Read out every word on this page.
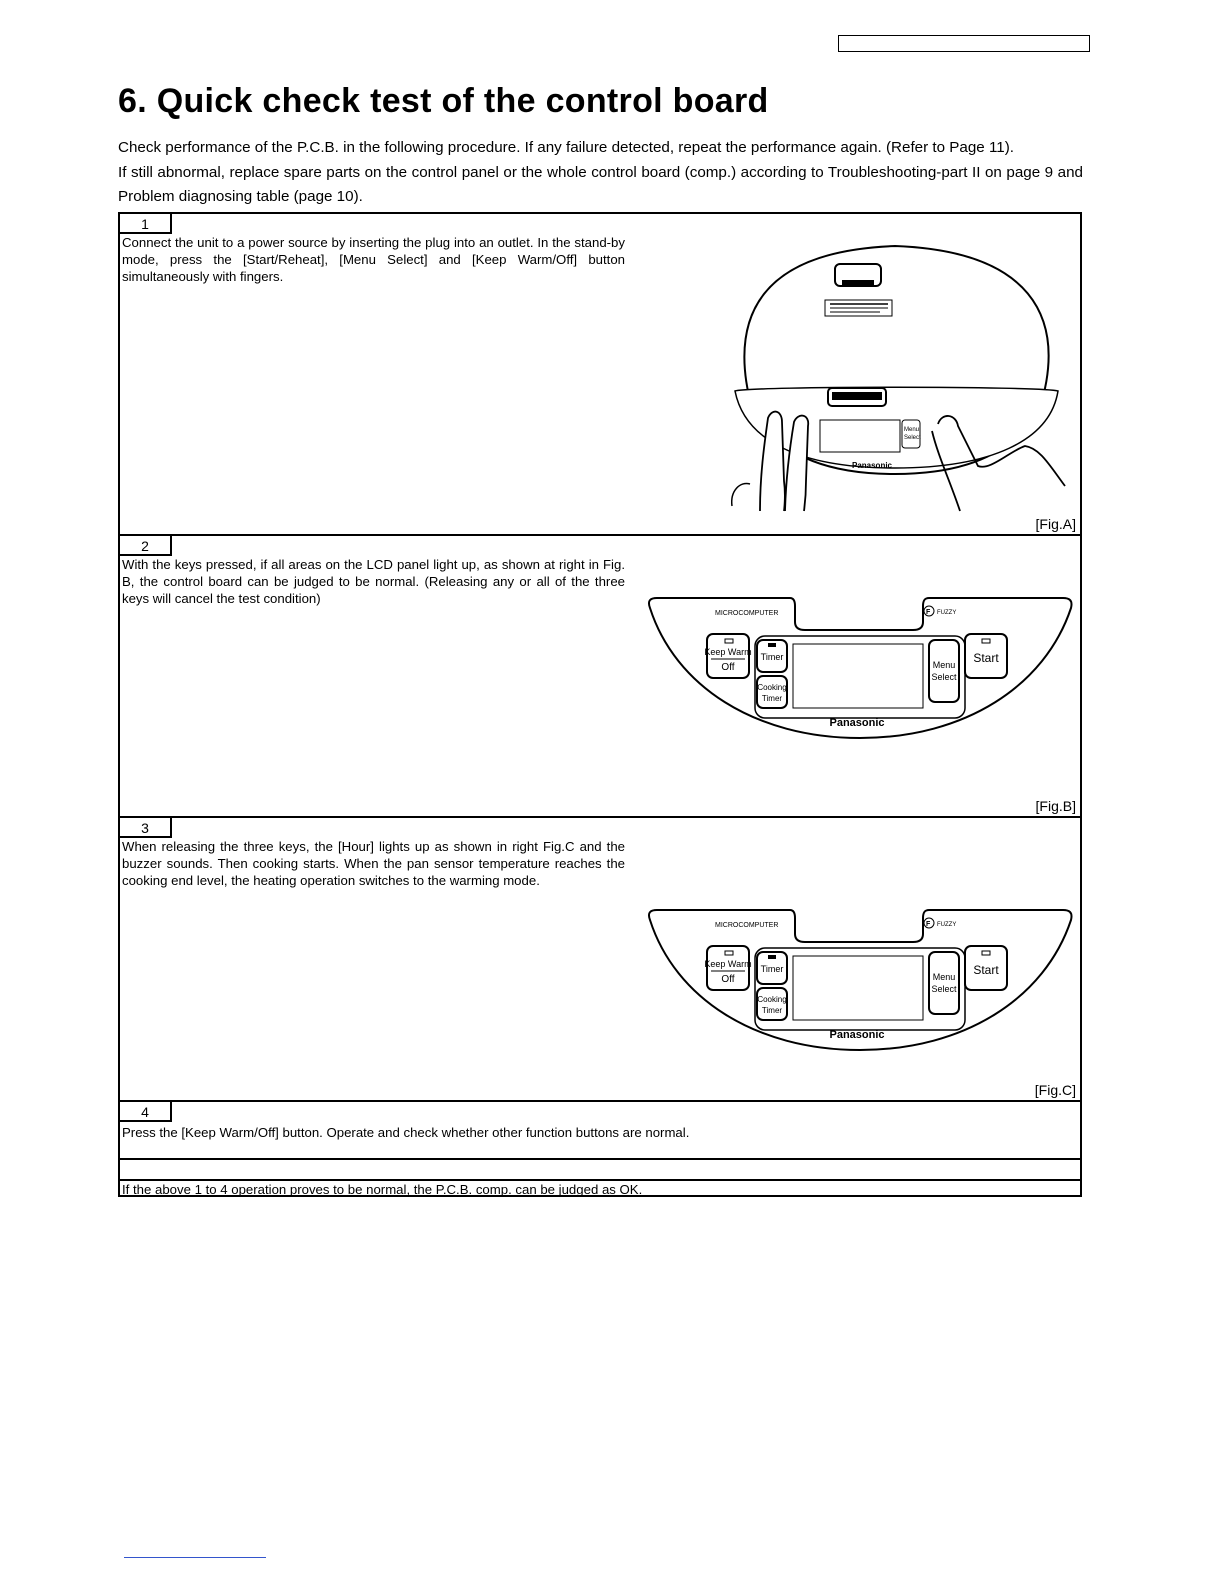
6. Quick check test of the control board

Check performance of the P.C.B. in the following procedure. If any failure detected, repeat the performance again. (Refer to Page 11).

If still abnormal, replace spare parts on the control panel or the whole control board (comp.) according to Troubleshooting-part II on page 9 and Problem diagnosing table (page 10).

1
Connect the unit to a power source by inserting the plug into an outlet. In the stand-by mode, press the [Start/Reheat], [Menu Select] and [Keep Warm/Off] button simultaneously with fingers.
Menu
Select
Panasonic
[Fig.A]
2
With the keys pressed, if all areas on the LCD panel light up, as shown at right in Fig. B, the control board can be judged to be normal. (Releasing any or all of the three keys will cancel the test condition)
MICROCOMPUTER	F FUZZY
Keep Warm
Off
Timer
Cooking
Timer
Menu
Select
Start
Panasonic
[Fig.B]
3
When releasing the three keys, the [Hour] lights up as shown in right Fig.C and the buzzer sounds. Then cooking starts. When the pan sensor temperature reaches the cooking end level, the heating operation switches to the warming mode.
MICROCOMPUTER	F FUZZY
Keep Warm
Off
Timer
Cooking
Timer
Menu
Select
Start
Panasonic
[Fig.C]
4
Press the [Keep Warm/Off] button. Operate and check whether other function buttons are normal.
If the above 1 to 4 operation proves to be normal, the P.C.B. comp. can be judged as OK.
